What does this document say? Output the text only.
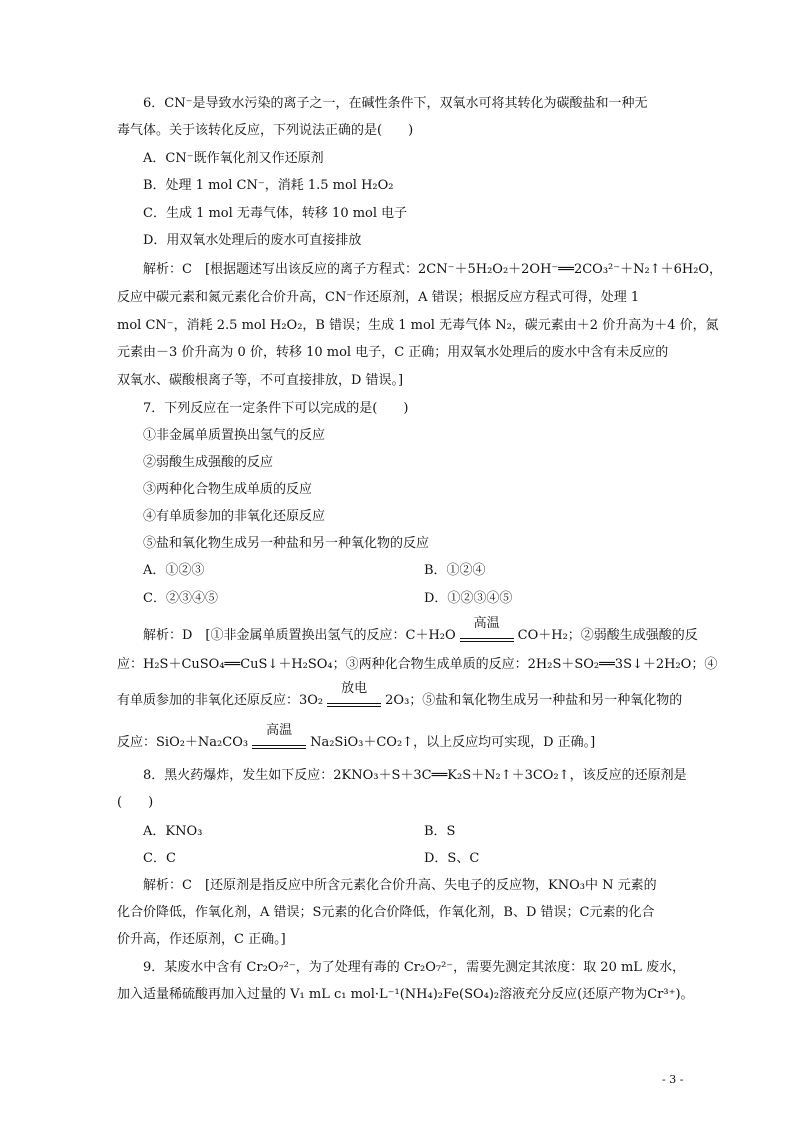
6．CN⁻是导致水污染的离子之一，在碱性条件下，双氧水可将其转化为碳酸盐和一种无
毒气体。关于该转化反应，下列说法正确的是(　　)
A．CN⁻既作氧化剂又作还原剂
B．处理 1 mol CN⁻，消耗 1.5 mol H₂O₂
C．生成 1 mol 无毒气体，转移 10 mol 电子
D．用双氧水处理后的废水可直接排放
解析：C　[根据题述写出该反应的离子方程式：2CN⁻＋5H₂O₂＋2OH⁻══2CO₃²⁻＋N₂↑＋6H₂O，
反应中碳元素和氮元素化合价升高，CN⁻作还原剂，A 错误；根据反应方程式可得，处理 1
mol CN⁻，消耗 2.5 mol H₂O₂，B 错误；生成 1 mol 无毒气体 N₂，碳元素由＋2 价升高为＋4 价，氮
元素由－3 价升高为 0 价，转移 10 mol 电子，C 正确；用双氧水处理后的废水中含有未反应的
双氧水、碳酸根离子等，不可直接排放，D 错误。]
7．下列反应在一定条件下可以完成的是(　　)
①非金属单质置换出氢气的反应
②弱酸生成强酸的反应
③两种化合物生成单质的反应
④有单质参加的非氧化还原反应
⑤盐和氧化物生成另一种盐和另一种氧化物的反应
A．①②③	B．①②④
C．②③④⑤	D．①②③④⑤
解析：D　[①非金属单质置换出氢气的反应：C＋H₂O
高温
CO＋H₂；②弱酸生成强酸的反
应：H₂S＋CuSO₄══CuS↓＋H₂SO₄；③两种化合物生成单质的反应：2H₂S＋SO₂══3S↓＋2H₂O；④
有单质参加的非氧化还原反应：3O₂
放电
2O₃；⑤盐和氧化物生成另一种盐和另一种氧化物的
反应：SiO₂＋Na₂CO₃
高温
Na₂SiO₃＋CO₂↑，以上反应均可实现，D 正确。]
8．黑火药爆炸，发生如下反应：2KNO₃＋S＋3C══K₂S＋N₂↑＋3CO₂↑，该反应的还原剂是
(　　)
A．KNO₃	B．S
C．C	D．S、C
解析：C　[还原剂是指反应中所含元素化合价升高、失电子的反应物，KNO₃中 N 元素的
化合价降低，作氧化剂，A 错误；S元素的化合价降低，作氧化剂，B、D 错误；C元素的化合
价升高，作还原剂，C 正确。]
9．某废水中含有 Cr₂O₇²⁻，为了处理有毒的 Cr₂O₇²⁻，需要先测定其浓度：取 20 mL 废水，
加入适量稀硫酸再加入过量的 V₁ mL c₁ mol·L⁻¹(NH₄)₂Fe(SO₄)₂溶液充分反应(还原产物为Cr³⁺)。
- 3 -
